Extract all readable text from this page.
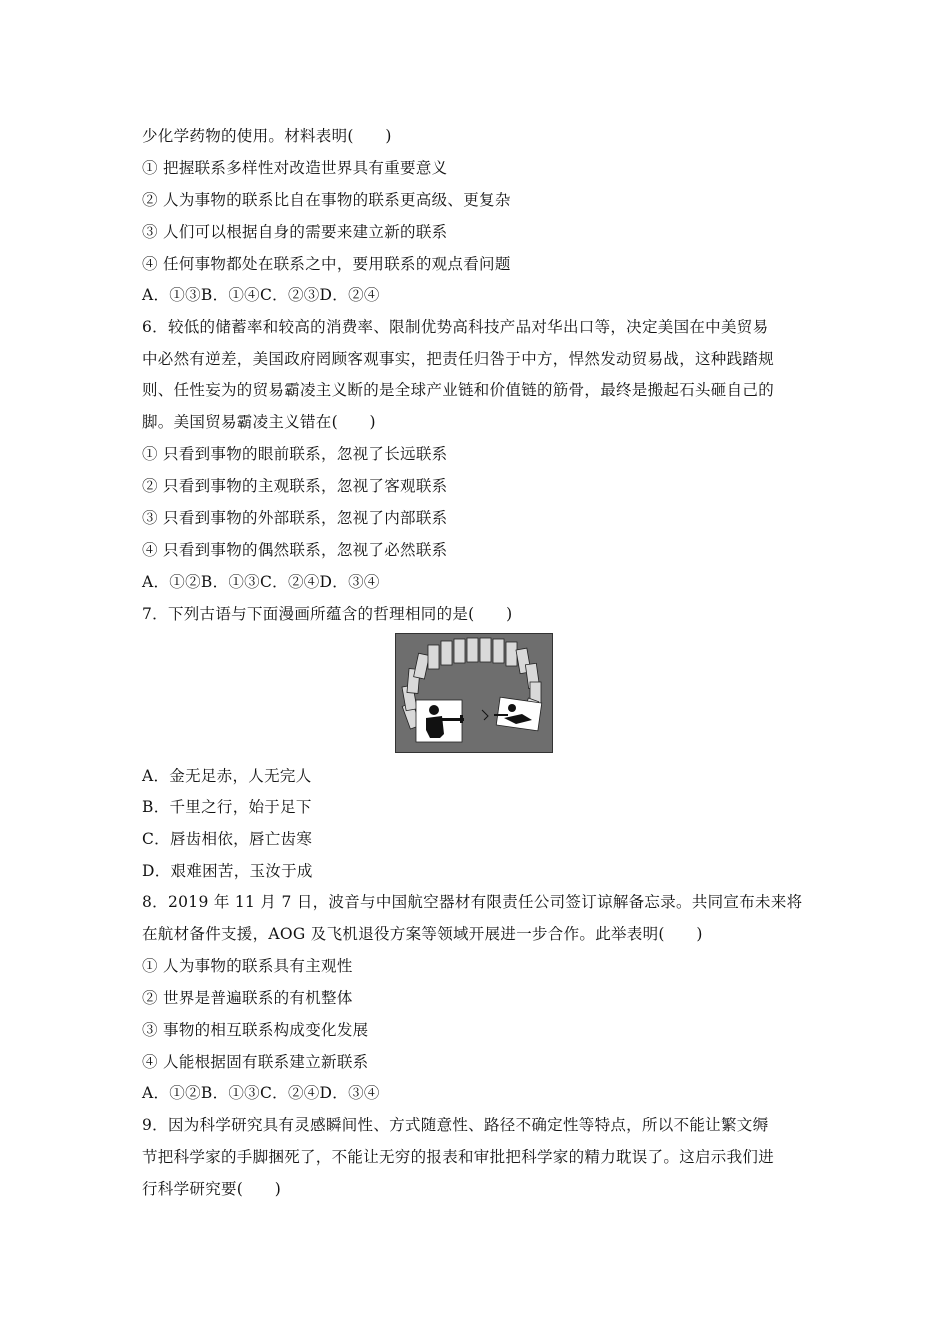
少化学药物的使用。材料表明(　　)
① 把握联系多样性对改造世界具有重要意义
② 人为事物的联系比自在事物的联系更高级、更复杂
③ 人们可以根据自身的需要来建立新的联系
④ 任何事物都处在联系之中，要用联系的观点看问题
A．①③B．①④C．②③D．②④
6．较低的储蓄率和较高的消费率、限制优势高科技产品对华出口等，决定美国在中美贸易
中必然有逆差，美国政府罔顾客观事实，把责任归咎于中方，悍然发动贸易战，这种践踏规
则、任性妄为的贸易霸凌主义断的是全球产业链和价值链的筋骨，最终是搬起石头砸自己的
脚。美国贸易霸凌主义错在(　　)
① 只看到事物的眼前联系，忽视了长远联系
② 只看到事物的主观联系，忽视了客观联系
③ 只看到事物的外部联系，忽视了内部联系
④ 只看到事物的偶然联系，忽视了必然联系
A．①②B．①③C．②④D．③④
7．下列古语与下面漫画所蕴含的哲理相同的是(　　)
A．金无足赤，人无完人
B．千里之行，始于足下
C．唇齿相依，唇亡齿寒
D．艰难困苦，玉汝于成
8．2019 年 11 月 7 日，波音与中国航空器材有限责任公司签订谅解备忘录。共同宣布未来将
在航材备件支援，AOG 及飞机退役方案等领域开展进一步合作。此举表明(　　)
① 人为事物的联系具有主观性
② 世界是普遍联系的有机整体
③ 事物的相互联系构成变化发展
④ 人能根据固有联系建立新联系
A．①②B．①③C．②④D．③④
9．因为科学研究具有灵感瞬间性、方式随意性、路径不确定性等特点，所以不能让繁文缛
节把科学家的手脚捆死了，不能让无穷的报表和审批把科学家的精力耽误了。这启示我们进
行科学研究要(　　)
